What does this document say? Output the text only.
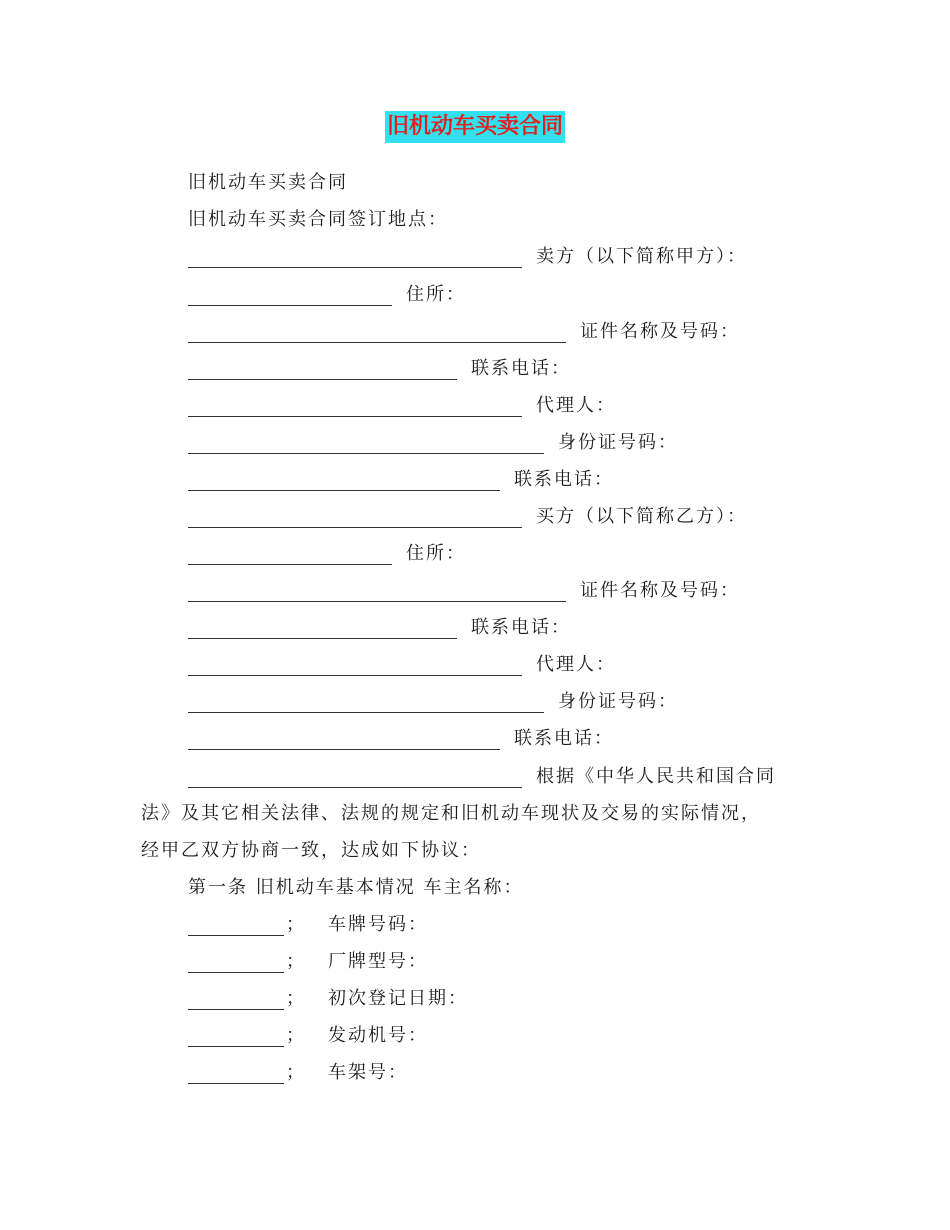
旧机动车买卖合同
旧机动车买卖合同
旧机动车买卖合同签订地点：
卖方（以下简称甲方）：
住所：
证件名称及号码：
联系电话：
代理人：
身份证号码：
联系电话：
买方（以下简称乙方）：
住所：
证件名称及号码：
联系电话：
代理人：
身份证号码：
联系电话：
根据《中华人民共和国合同
法》及其它相关法律、法规的规定和旧机动车现状及交易的实际情况，
经甲乙双方协商一致，达成如下协议：
第一条 旧机动车基本情况 车主名称：
； 车牌号码：
； 厂牌型号：
； 初次登记日期：
； 发动机号：
； 车架号：
